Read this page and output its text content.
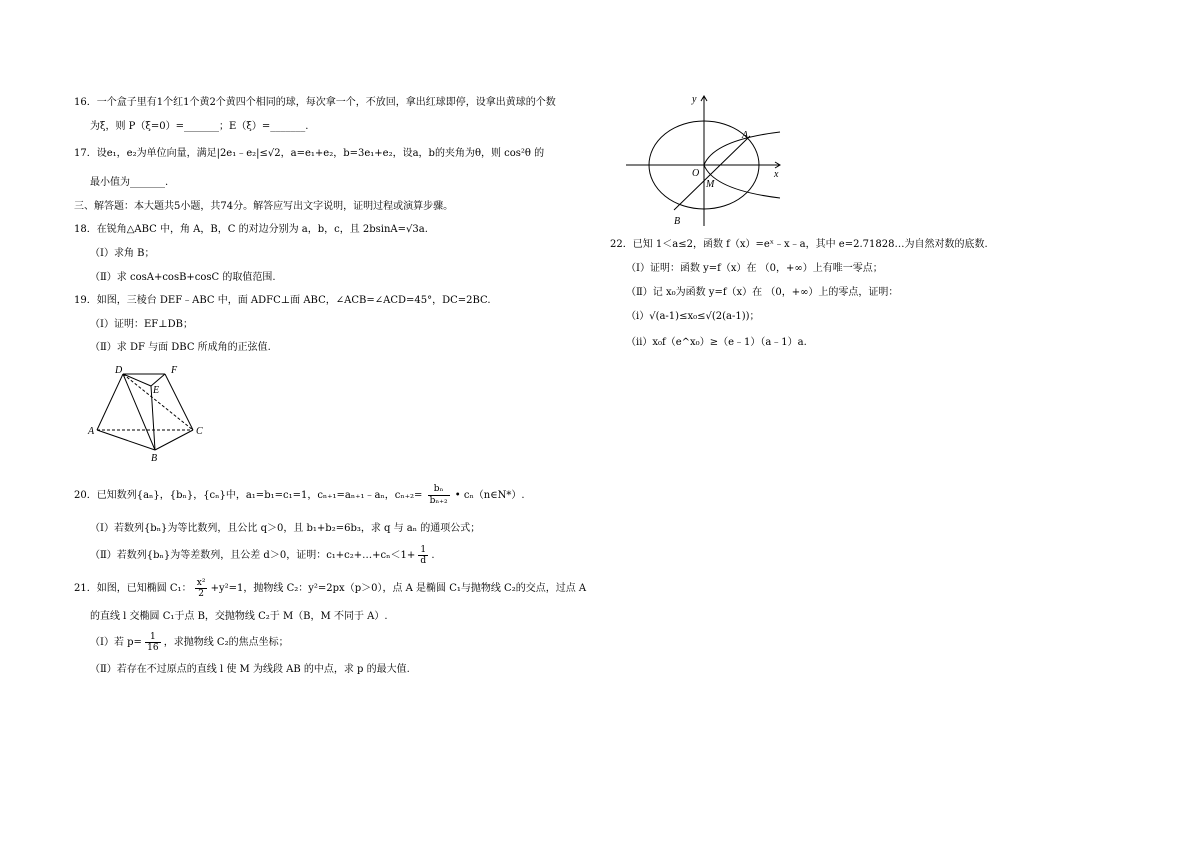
16．一个盒子里有1个红1个黄2个黄四个相同的球，每次拿一个，不放回，拿出红球即停，设拿出黄球的个数
为ξ，则 P（ξ=0）=_______；E（ξ）=_______.
17．设e₁，e₂为单位向量，满足|2e₁﹣e₂|≤√2，a=e₁+e₂，b=3e₁+e₂，设a，b的夹角为θ，则 cos²θ 的
最小值为_______.
三、解答题：本大题共5小题，共74分。解答应写出文字说明，证明过程或演算步骤。
18．在锐角△ABC 中，角 A，B，C 的对边分别为 a，b，c，且 2bsinA=√3a.
（Ⅰ）求角 B；
（Ⅱ）求 cosA+cosB+cosC 的取值范围.
19．如图，三棱台 DEF﹣ABC 中，面 ADFC⊥面 ABC，∠ACB=∠ACD=45°，DC=2BC.
（Ⅰ）证明：EF⊥DB；
（Ⅱ）求 DF 与面 DBC 所成角的正弦值.
D	F
E
A	C
B
20．已知数列{aₙ}，{bₙ}，{cₙ}中，a₁=b₁=c₁=1，cₙ₊₁=aₙ₊₁﹣aₙ，$c_{n+2}= \frac{\text{bₙ}}{\text{bₙ₊₂}}$ • cₙ（n∈N*）.
（Ⅰ）若数列{bₙ}为等比数列，且公比 q＞0，且 b₁+b₂=6b₃，求 q 与 aₙ 的通项公式；
（Ⅱ）若数列{bₙ}为等差数列，且公差 d＞0，证明：c₁+c₂+…+cₙ＜1+ $\frac{1}{d}$ .
21．如图，已知椭圆 C₁： $\frac{\text{x²}}{2} +y^2=1$，抛物线 C₂：y²=2px（p＞0），点 A 是椭圆 C₁与抛物线 C₂的交点，过点 A
的直线 l 交椭圆 C₁于点 B，交抛物线 C₂于 M（B，M 不同于 A）.
（Ⅰ）若 $p= \frac{1}{16}$ ，求抛物线 C₂的焦点坐标；
（Ⅱ）若存在不过原点的直线 l 使 M 为线段 AB 的中点，求 p 的最大值.
y
x
A
O
M
B
22．已知 1＜a≤2，函数 f（x）=eˣ﹣x﹣a，其中 e=2.71828…为自然对数的底数.
（Ⅰ）证明：函数 y=f（x）在 （0，+∞）上有唯一零点；
（Ⅱ）记 x₀为函数 y=f（x）在 （0，+∞）上的零点，证明：
（ⅰ）√(a-1)≤x₀≤√(2(a-1))；
（ⅱ）x₀f（e^x₀）≥（e﹣1）（a﹣1）a.
